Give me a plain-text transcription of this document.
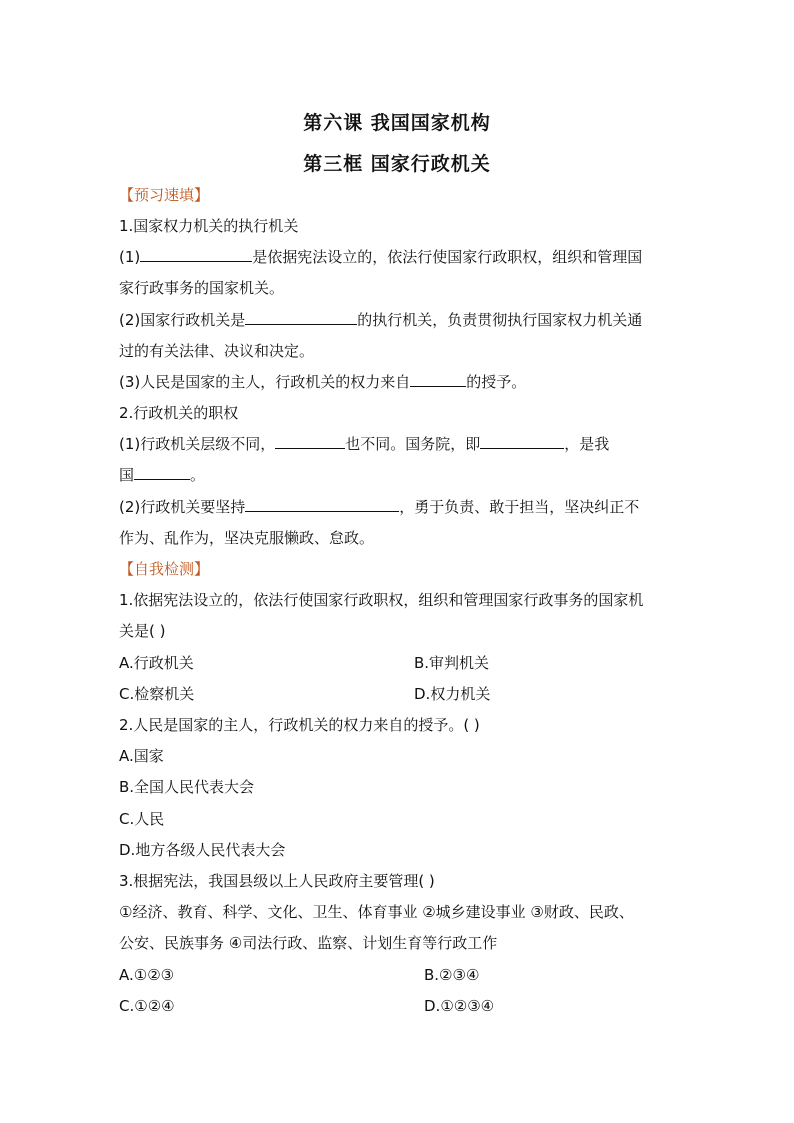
第六课 我国国家机构
第三框 国家行政机关
【预习速填】
1.国家权力机关的执行机关
(1)	是依据宪法设立的，依法行使国家行政职权，组织和管理国
家行政事务的国家机关。
(2)国家行政机关是	的执行机关，负责贯彻执行国家权力机关通
过的有关法律、决议和决定。
(3)人民是国家的主人，行政机关的权力来自	的授予。
2.行政机关的职权
(1)行政机关层级不同，	也不同。国务院，即	，是我
国	。
(2)行政机关要坚持	，勇于负责、敢于担当，坚决纠正不
作为、乱作为，坚决克服懒政、怠政。
【自我检测】
1.依据宪法设立的，依法行使国家行政职权，组织和管理国家行政事务的国家机
关是( )
A.行政机关	B.审判机关
C.检察机关	D.权力机关
2.人民是国家的主人，行政机关的权力来自的授予。( )
A.国家
B.全国人民代表大会
C.人民
D.地方各级人民代表大会
3.根据宪法，我国县级以上人民政府主要管理( )
①经济、教育、科学、文化、卫生、体育事业 ②城乡建设事业 ③财政、民政、
公安、民族事务 ④司法行政、监察、计划生育等行政工作
A.①②③	B.②③④
C.①②④	D.①②③④
